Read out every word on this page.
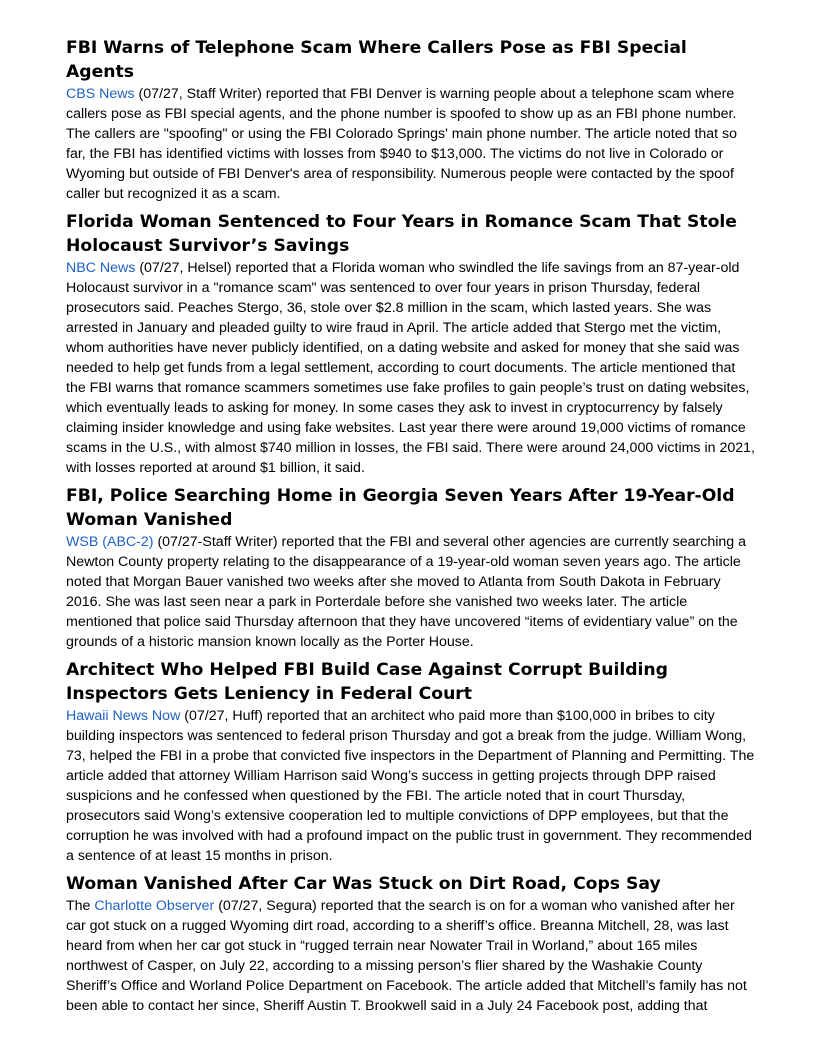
FBI Warns of Telephone Scam Where Callers Pose as FBI Special Agents

CBS News (07/27, Staff Writer) reported that FBI Denver is warning people about a telephone scam where callers pose as FBI special agents, and the phone number is spoofed to show up as an FBI phone number. The callers are "spoofing" or using the FBI Colorado Springs' main phone number. The article noted that so far, the FBI has identified victims with losses from $940 to $13,000. The victims do not live in Colorado or Wyoming but outside of FBI Denver's area of responsibility. Numerous people were contacted by the spoof caller but recognized it as a scam.

Florida Woman Sentenced to Four Years in Romance Scam That Stole Holocaust Survivor’s Savings

NBC News (07/27, Helsel) reported that a Florida woman who swindled the life savings from an 87-year-old Holocaust survivor in a "romance scam" was sentenced to over four years in prison Thursday, federal prosecutors said. Peaches Stergo, 36, stole over $2.8 million in the scam, which lasted years. She was arrested in January and pleaded guilty to wire fraud in April. The article added that Stergo met the victim, whom authorities have never publicly identified, on a dating website and asked for money that she said was needed to help get funds from a legal settlement, according to court documents. The article mentioned that the FBI warns that romance scammers sometimes use fake profiles to gain people’s trust on dating websites, which eventually leads to asking for money. In some cases they ask to invest in cryptocurrency by falsely claiming insider knowledge and using fake websites. Last year there were around 19,000 victims of romance scams in the U.S., with almost $740 million in losses, the FBI said. There were around 24,000 victims in 2021, with losses reported at around $1 billion, it said.

FBI, Police Searching Home in Georgia Seven Years After 19-Year-Old Woman Vanished

WSB (ABC-2) (07/27-Staff Writer) reported that the FBI and several other agencies are currently searching a Newton County property relating to the disappearance of a 19-year-old woman seven years ago. The article noted that Morgan Bauer vanished two weeks after she moved to Atlanta from South Dakota in February 2016. She was last seen near a park in Porterdale before she vanished two weeks later. The article mentioned that police said Thursday afternoon that they have uncovered “items of evidentiary value” on the grounds of a historic mansion known locally as the Porter House.

Architect Who Helped FBI Build Case Against Corrupt Building Inspectors Gets Leniency in Federal Court

Hawaii News Now (07/27, Huff) reported that an architect who paid more than $100,000 in bribes to city building inspectors was sentenced to federal prison Thursday and got a break from the judge. William Wong, 73, helped the FBI in a probe that convicted five inspectors in the Department of Planning and Permitting. The article added that attorney William Harrison said Wong’s success in getting projects through DPP raised suspicions and he confessed when questioned by the FBI. The article noted that in court Thursday, prosecutors said Wong’s extensive cooperation led to multiple convictions of DPP employees, but that the corruption he was involved with had a profound impact on the public trust in government. They recommended a sentence of at least 15 months in prison.

Woman Vanished After Car Was Stuck on Dirt Road, Cops Say

The Charlotte Observer (07/27, Segura) reported that the search is on for a woman who vanished after her car got stuck on a rugged Wyoming dirt road, according to a sheriff’s office. Breanna Mitchell, 28, was last heard from when her car got stuck in “rugged terrain near Nowater Trail in Worland,” about 165 miles northwest of Casper, on July 22, according to a missing person’s flier shared by the Washakie County Sheriff’s Office and Worland Police Department on Facebook. The article added that Mitchell’s family has not been able to contact her since, Sheriff Austin T. Brookwell said in a July 24 Facebook post, adding that
